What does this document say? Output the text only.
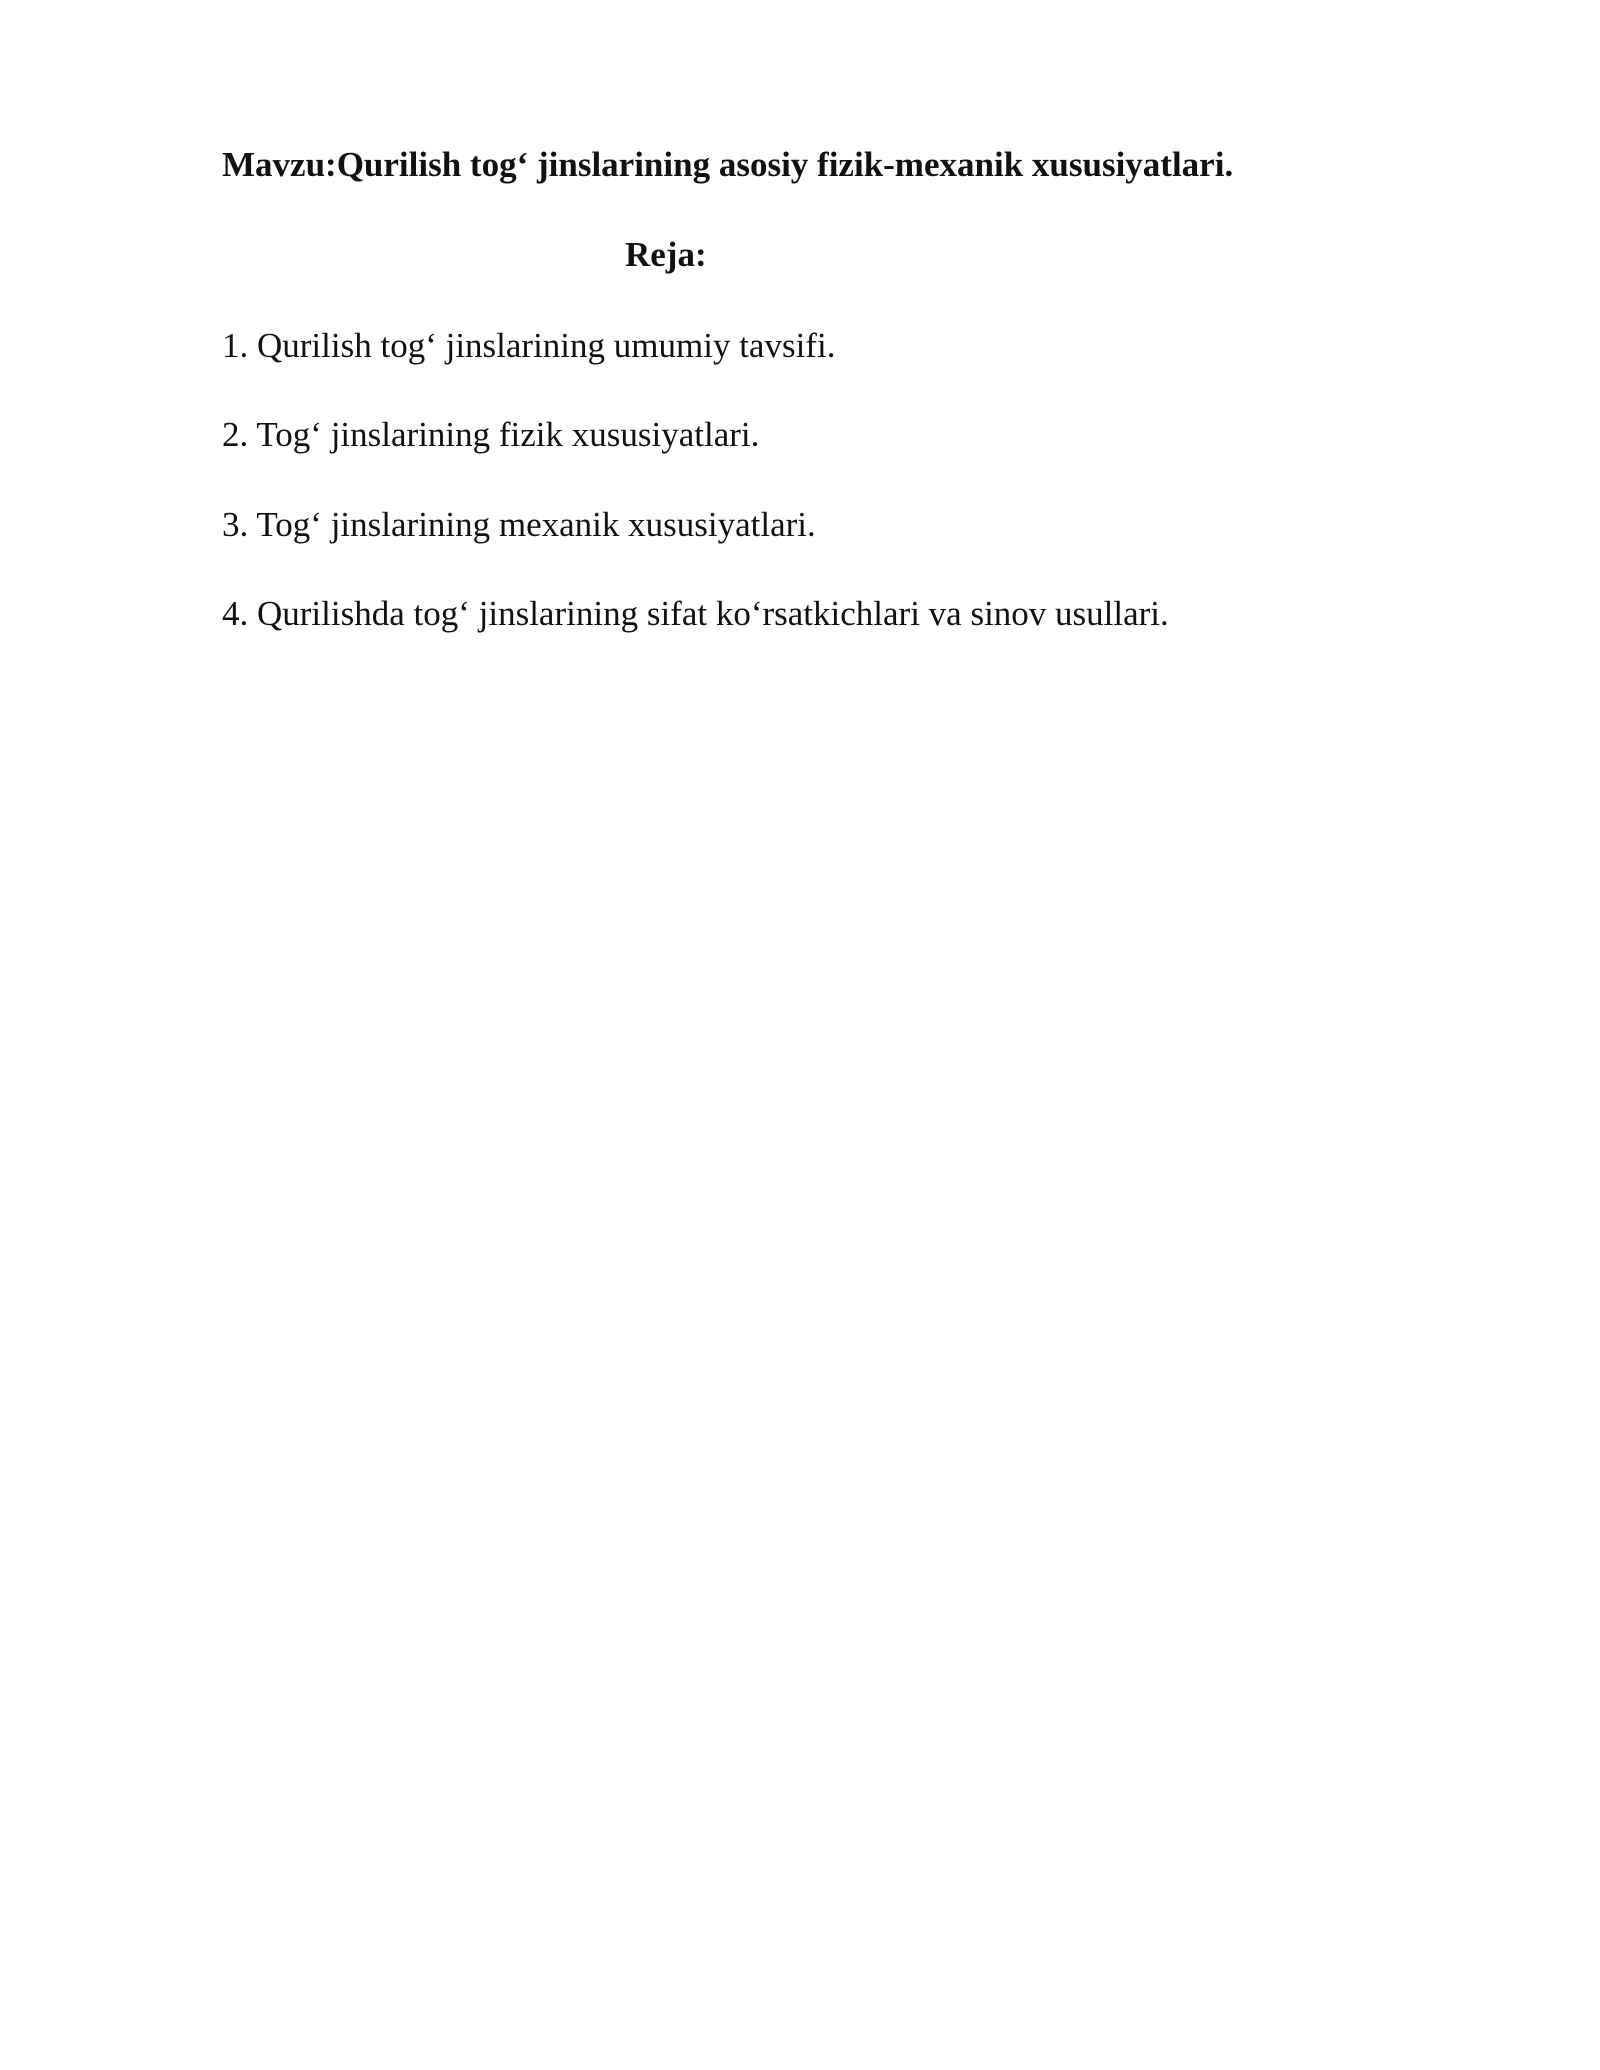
Mavzu:Qurilish tog‘ jinslarining asosiy fizik-mexanik xususiyatlari.
Reja:
1. Qurilish tog‘ jinslarining umumiy tavsifi.
2. Tog‘ jinslarining fizik xususiyatlari.
3. Tog‘ jinslarining mexanik xususiyatlari.
4. Qurilishda tog‘ jinslarining sifat ko‘rsatkichlari va sinov usullari.
